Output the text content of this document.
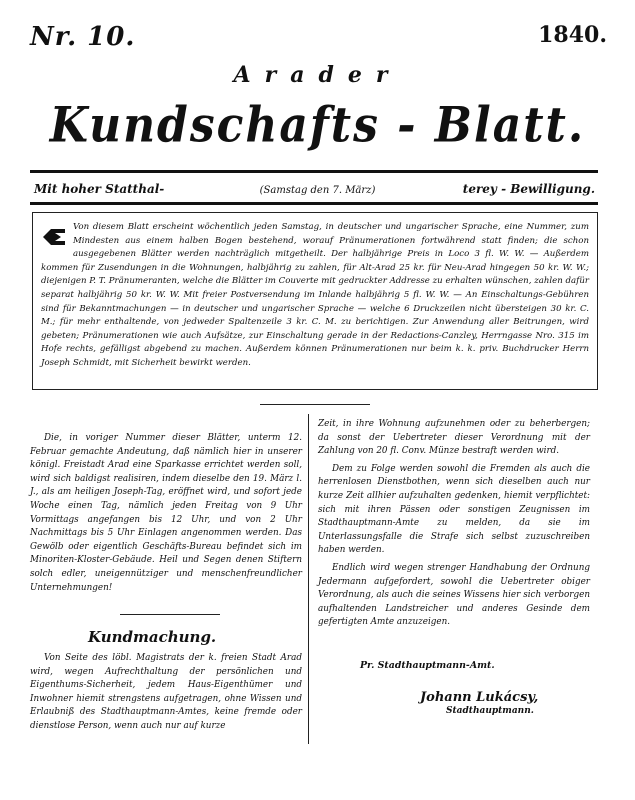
Nr. 10.	1840.
Arader
Kundschafts - Blatt.
Mit hoher Statthal-	(Samstag den 7. März)	terey - Bewilligung.

Von diesem Blatt erscheint wöchentlich jeden Samstag, in deutscher und ungarischer Sprache, eine Nummer, zum Mindesten aus einem halben Bogen bestehend, worauf Pränumerationen fortwährend statt finden; die schon ausgegebenen Blätter werden nachträglich mitgetheilt. Der halbjährige Preis in Loco 3 fl. W. W. — Außerdem kommen für Zusendungen in die Wohnungen, halbjährig zu zahlen, für Alt-Arad 25 kr. für Neu-Arad hingegen 50 kr. W. W.; diejenigen P. T. Pränumeranten, welche die Blätter im Couverte mit gedruckter Addresse zu erhalten wünschen, zahlen dafür separat halbjährig 50 kr. W. W. Mit freier Postversendung im Inlande halbjährig 5 fl. W. W. — An Einschaltungs-Gebühren sind für Bekanntmachungen — in deutscher und ungarischer Sprache — welche 6 Druckzeilen nicht übersteigen 30 kr. C. M.; für mehr enthaltende, von jedweder Spaltenzeile 3 kr. C. M. zu berichtigen. Zur Anwendung aller Beitrungen, wird gebeten; Pränumerationen wie auch Aufsätze, zur Einschaltung gerade in der Redactions-Canzley, Herrngasse Nro. 315 im Hofe rechts, gefälligst abgebend zu machen. Außerdem können Pränumerationen nur beim k. k. priv. Buchdrucker Herrn Joseph Schmidt, mit Sicherheit bewirkt werden.

Die, in voriger Nummer dieser Blätter, unterm 12. Februar gemachte Andeutung, daß nämlich hier in unserer königl. Freistadt Arad eine Sparkasse errichtet werden soll, wird sich baldigst realisiren, indem dieselbe den 19. März l. J., als am heiligen Joseph-Tag, eröffnet wird, und sofort jede Woche einen Tag, nämlich jeden Freitag von 9 Uhr Vormittags angefangen bis 12 Uhr, und von 2 Uhr Nachmittags bis 5 Uhr Einlagen angenommen werden. Das Gewölb oder eigentlich Geschäfts-Bureau befindet sich im Minoriten-Kloster-Gebäude. Heil und Segen denen Stiftern solch edler, uneigennütziger und menschenfreundlicher Unternehmungen!

Kundmachung.

Von Seite des löbl. Magistrats der k. freien Stadt Arad wird, wegen Aufrechthaltung der persönlichen und Eigenthums-Sicherheit, jedem Haus-Eigenthümer und Inwohner hiemit strengstens aufgetragen, ohne Wissen und Erlaubniß des Stadthauptmann-Amtes, keine fremde oder dienstlose Person, wenn auch nur auf kurze

Zeit, in ihre Wohnung aufzunehmen oder zu beherbergen; da sonst der Uebertreter dieser Verordnung mit der Zahlung von 20 fl. Conv. Münze bestraft werden wird.

Dem zu Folge werden sowohl die Fremden als auch die herrenlosen Dienstbothen, wenn sich dieselben auch nur kurze Zeit allhier aufzuhalten gedenken, hiemit verpflichtet: sich mit ihren Pässen oder sonstigen Zeugnissen im Stadthauptmann-Amte zu melden, da sie im Unterlassungsfalle die Strafe sich selbst zuzuschreiben haben werden.

Endlich wird wegen strenger Handhabung der Ordnung Jedermann aufgefordert, sowohl die Uebertreter obiger Verordnung, als auch die seines Wissens hier sich verborgen aufhaltenden Landstreicher und anderes Gesinde dem gefertigten Amte anzuzeigen.

Pr. Stadthauptmann-Amt.
Johann Lukácsy,
Stadthauptmann.
